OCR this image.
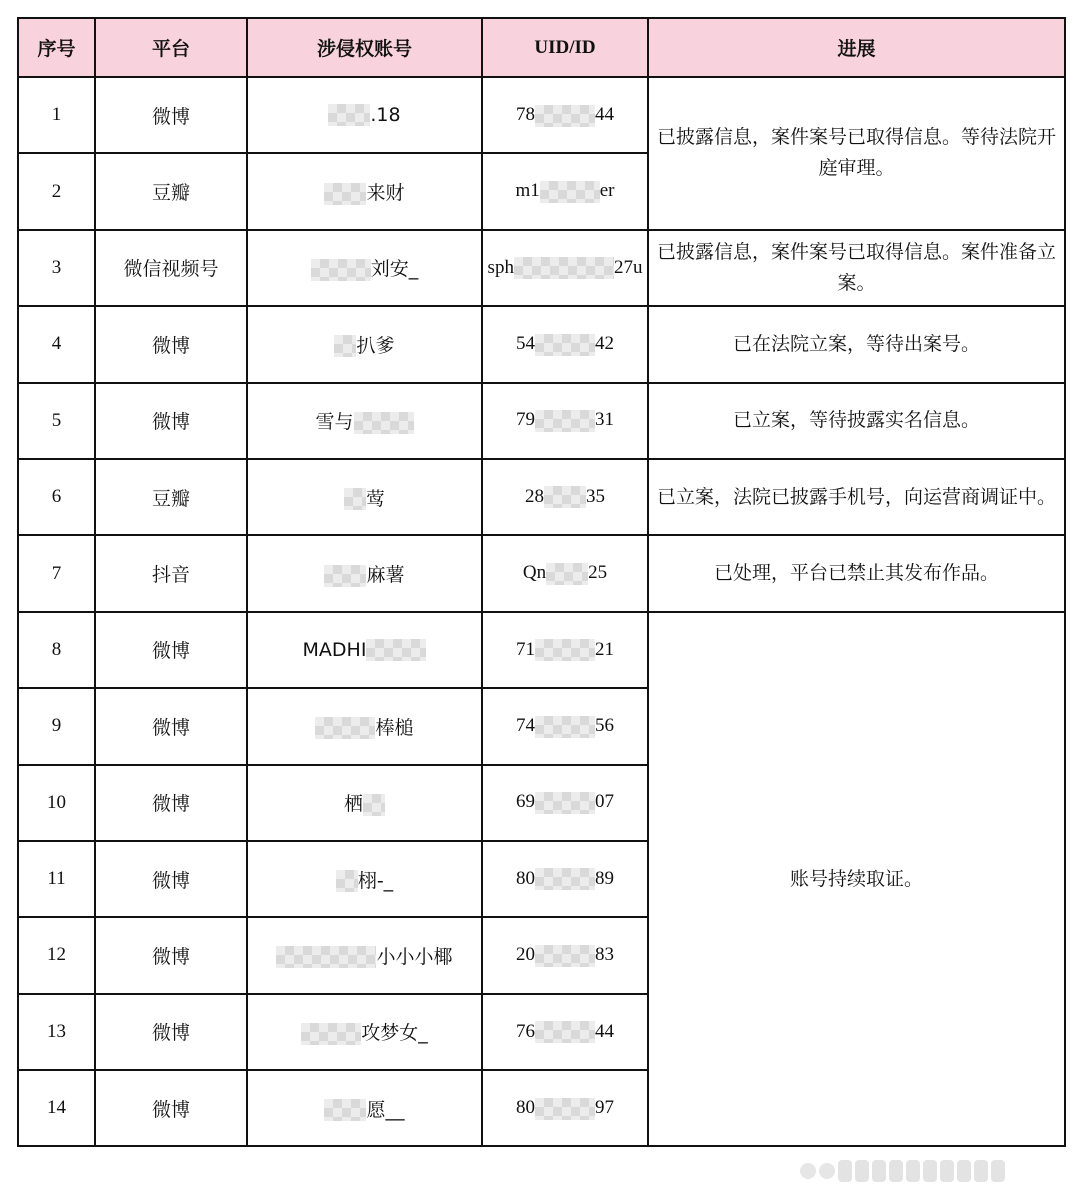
序号	平台	涉侵权账号	UID/ID	进展
1	微博	.18	78 44	已披露信息，案件案号已取得信息。等待法院开庭审理。
2	豆瓣	来财	m1 er	
3	微信视频号	刘安_	sph 27u	已披露信息，案件案号已取得信息。案件准备立案。
4	微博	扒爹	54 42	已在法院立案，等待出案号。
5	微博	雪与	79 31	已立案，等待披露实名信息。
6	豆瓣	莺	28 35	已立案，法院已披露手机号，向运营商调证中。
7	抖音	麻薯	Qn 25	已处理，平台已禁止其发布作品。
8	微博	MADHI	71 21	账号持续取证。
9	微博	棒槌	74 56	
10	微博	栖	69 07	
11	微博	栩-_	80 89	
12	微博	小小小椰	20 83	
13	微博	攻梦女_	76 44	
14	微博	愿__	80 97	
